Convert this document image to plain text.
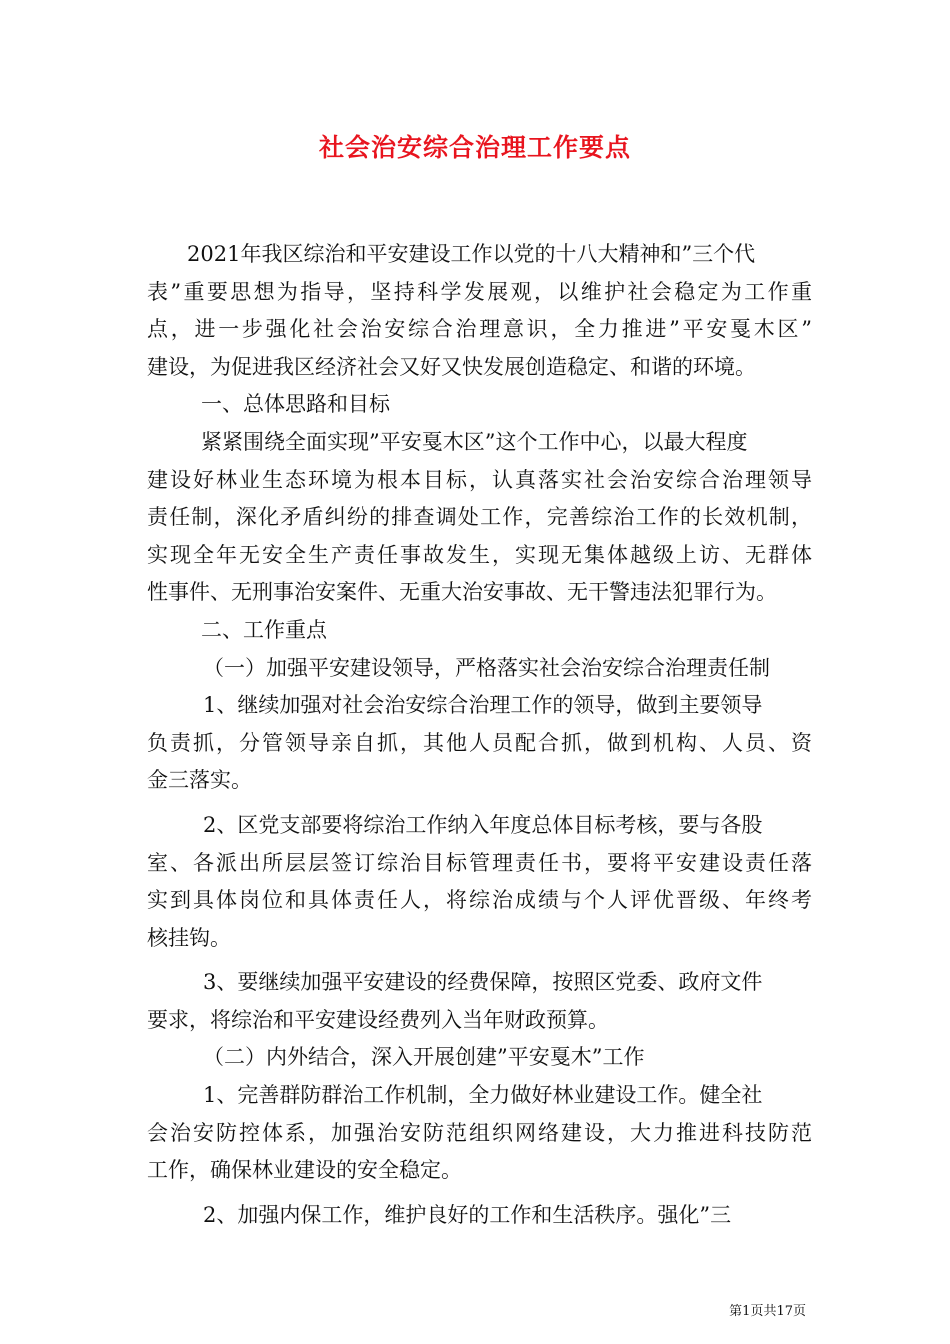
社会治安综合治理工作要点
2021年我区综治和平安建设工作以党的十八大精神和”三个代
表”重要思想为指导，坚持科学发展观，以维护社会稳定为工作重
点，进一步强化社会治安综合治理意识，全力推进”平安戛木区”
建设，为促进我区经济社会又好又快发展创造稳定、和谐的环境。
一、总体思路和目标
紧紧围绕全面实现”平安戛木区”这个工作中心，以最大程度
建设好林业生态环境为根本目标，认真落实社会治安综合治理领导
责任制，深化矛盾纠纷的排查调处工作，完善综治工作的长效机制，
实现全年无安全生产责任事故发生，实现无集体越级上访、无群体
性事件、无刑事治安案件、无重大治安事故、无干警违法犯罪行为。
二、工作重点
（一）加强平安建设领导，严格落实社会治安综合治理责任制
1、继续加强对社会治安综合治理工作的领导，做到主要领导
负责抓，分管领导亲自抓，其他人员配合抓，做到机构、人员、资
金三落实。
2、区党支部要将综治工作纳入年度总体目标考核，要与各股
室、各派出所层层签订综治目标管理责任书，要将平安建设责任落
实到具体岗位和具体责任人，将综治成绩与个人评优晋级、年终考
核挂钩。
3、要继续加强平安建设的经费保障，按照区党委、政府文件
要求，将综治和平安建设经费列入当年财政预算。
（二）内外结合，深入开展创建”平安戛木”工作
1、完善群防群治工作机制，全力做好林业建设工作。健全社
会治安防控体系，加强治安防范组织网络建设，大力推进科技防范
工作，确保林业建设的安全稳定。
2、加强内保工作，维护良好的工作和生活秩序。强化”三
第1页共17页
